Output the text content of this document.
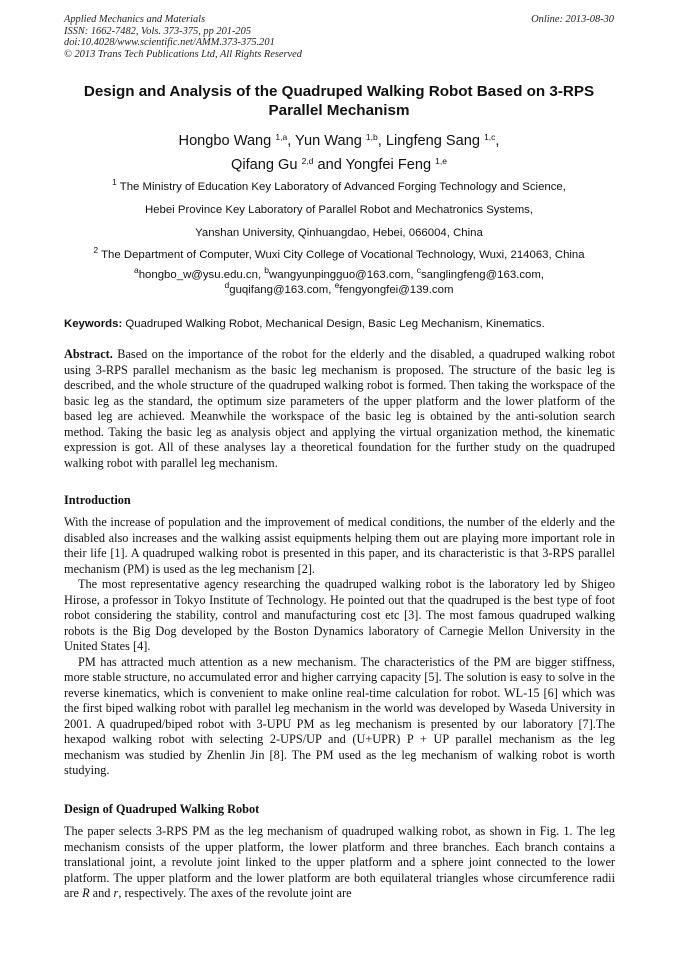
Applied Mechanics and Materials
ISSN: 1662-7482, Vols. 373-375, pp 201-205
doi:10.4028/www.scientific.net/AMM.373-375.201
© 2013 Trans Tech Publications Ltd, All Rights Reserved
Online: 2013-08-30
Design and Analysis of the Quadruped Walking Robot Based on 3-RPS
Parallel Mechanism
Hongbo Wang $^{1,a}$, Yun Wang $^{1,b}$, Lingfeng Sang $^{1,c}$,
Qifang Gu $^{2,d}$ and Yongfei Feng $^{1,e}$
$^1$ The Ministry of Education Key Laboratory of Advanced Forging Technology and Science,
Hebei Province Key Laboratory of Parallel Robot and Mechatronics Systems,
Yanshan University, Qinhuangdao, Hebei, 066004, China
$^2$ The Department of Computer, Wuxi City College of Vocational Technology, Wuxi, 214063, China
$^a$hongbo_w@ysu.edu.cn, $^b$wangyunpingguo@163.com, $^c$sanglingfeng@163.com,
$^d$guqifang@163.com, $^e$fengyongfei@139.com
Keywords: Quadruped Walking Robot, Mechanical Design, Basic Leg Mechanism, Kinematics.
Abstract. Based on the importance of the robot for the elderly and the disabled, a quadruped walking robot using 3-RPS parallel mechanism as the basic leg mechanism is proposed. The structure of the basic leg is described, and the whole structure of the quadruped walking robot is formed. Then taking the workspace of the basic leg as the standard, the optimum size parameters of the upper platform and the lower platform of the based leg are achieved. Meanwhile the workspace of the basic leg is obtained by the anti-solution search method. Taking the basic leg as analysis object and applying the virtual organization method, the kinematic expression is got. All of these analyses lay a theoretical foundation for the further study on the quadruped walking robot with parallel leg mechanism.
Introduction
With the increase of population and the improvement of medical conditions, the number of the elderly and the disabled also increases and the walking assist equipments helping them out are playing more important role in their life [1]. A quadruped walking robot is presented in this paper, and its characteristic is that 3-RPS parallel mechanism (PM) is used as the leg mechanism [2].
The most representative agency researching the quadruped walking robot is the laboratory led by Shigeo Hirose, a professor in Tokyo Institute of Technology. He pointed out that the quadruped is the best type of foot robot considering the stability, control and manufacturing cost etc [3]. The most famous quadruped walking robots is the Big Dog developed by the Boston Dynamics laboratory of Carnegie Mellon University in the United States [4].
PM has attracted much attention as a new mechanism. The characteristics of the PM are bigger stiffness, more stable structure, no accumulated error and higher carrying capacity [5]. The solution is easy to solve in the reverse kinematics, which is convenient to make online real-time calculation for robot. WL-15 [6] which was the first biped walking robot with parallel leg mechanism in the world was developed by Waseda University in 2001. A quadruped/biped robot with 3-UPU PM as leg mechanism is presented by our laboratory [7].The hexapod walking robot with selecting 2-UPS/UP and (U+UPR) P + UP parallel mechanism as the leg mechanism was studied by Zhenlin Jin [8]. The PM used as the leg mechanism of walking robot is worth studying.
Design of Quadruped Walking Robot
The paper selects 3-RPS PM as the leg mechanism of quadruped walking robot, as shown in Fig. 1. The leg mechanism consists of the upper platform, the lower platform and three branches. Each branch contains a translational joint, a revolute joint linked to the upper platform and a sphere joint connected to the lower platform. The upper platform and the lower platform are both equilateral triangles whose circumference radii are R and r, respectively. The axes of the revolute joint are
